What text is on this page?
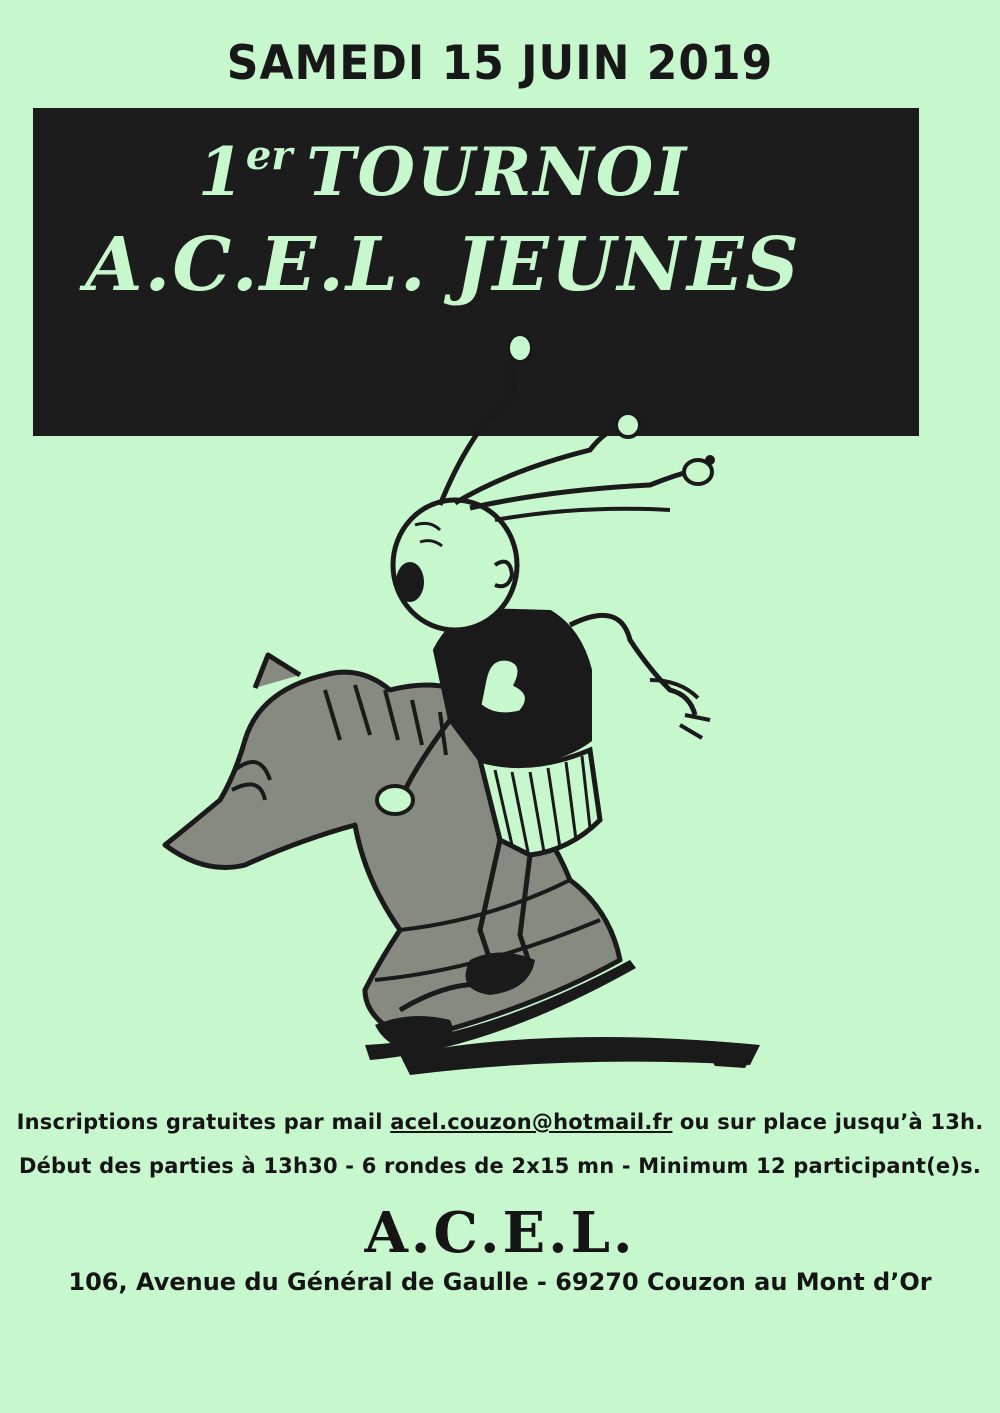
SAMEDI 15 JUIN 2019
1er TOURNOI
A.C.E.L. JEUNES
Inscriptions gratuites par mail acel.couzon@hotmail.fr ou sur place jusqu’à 13h.
Début des parties à 13h30 - 6 rondes de 2x15 mn - Minimum 12 participant(e)s.
A.C.E.L.
106, Avenue du Général de Gaulle - 69270 Couzon au Mont d’Or
